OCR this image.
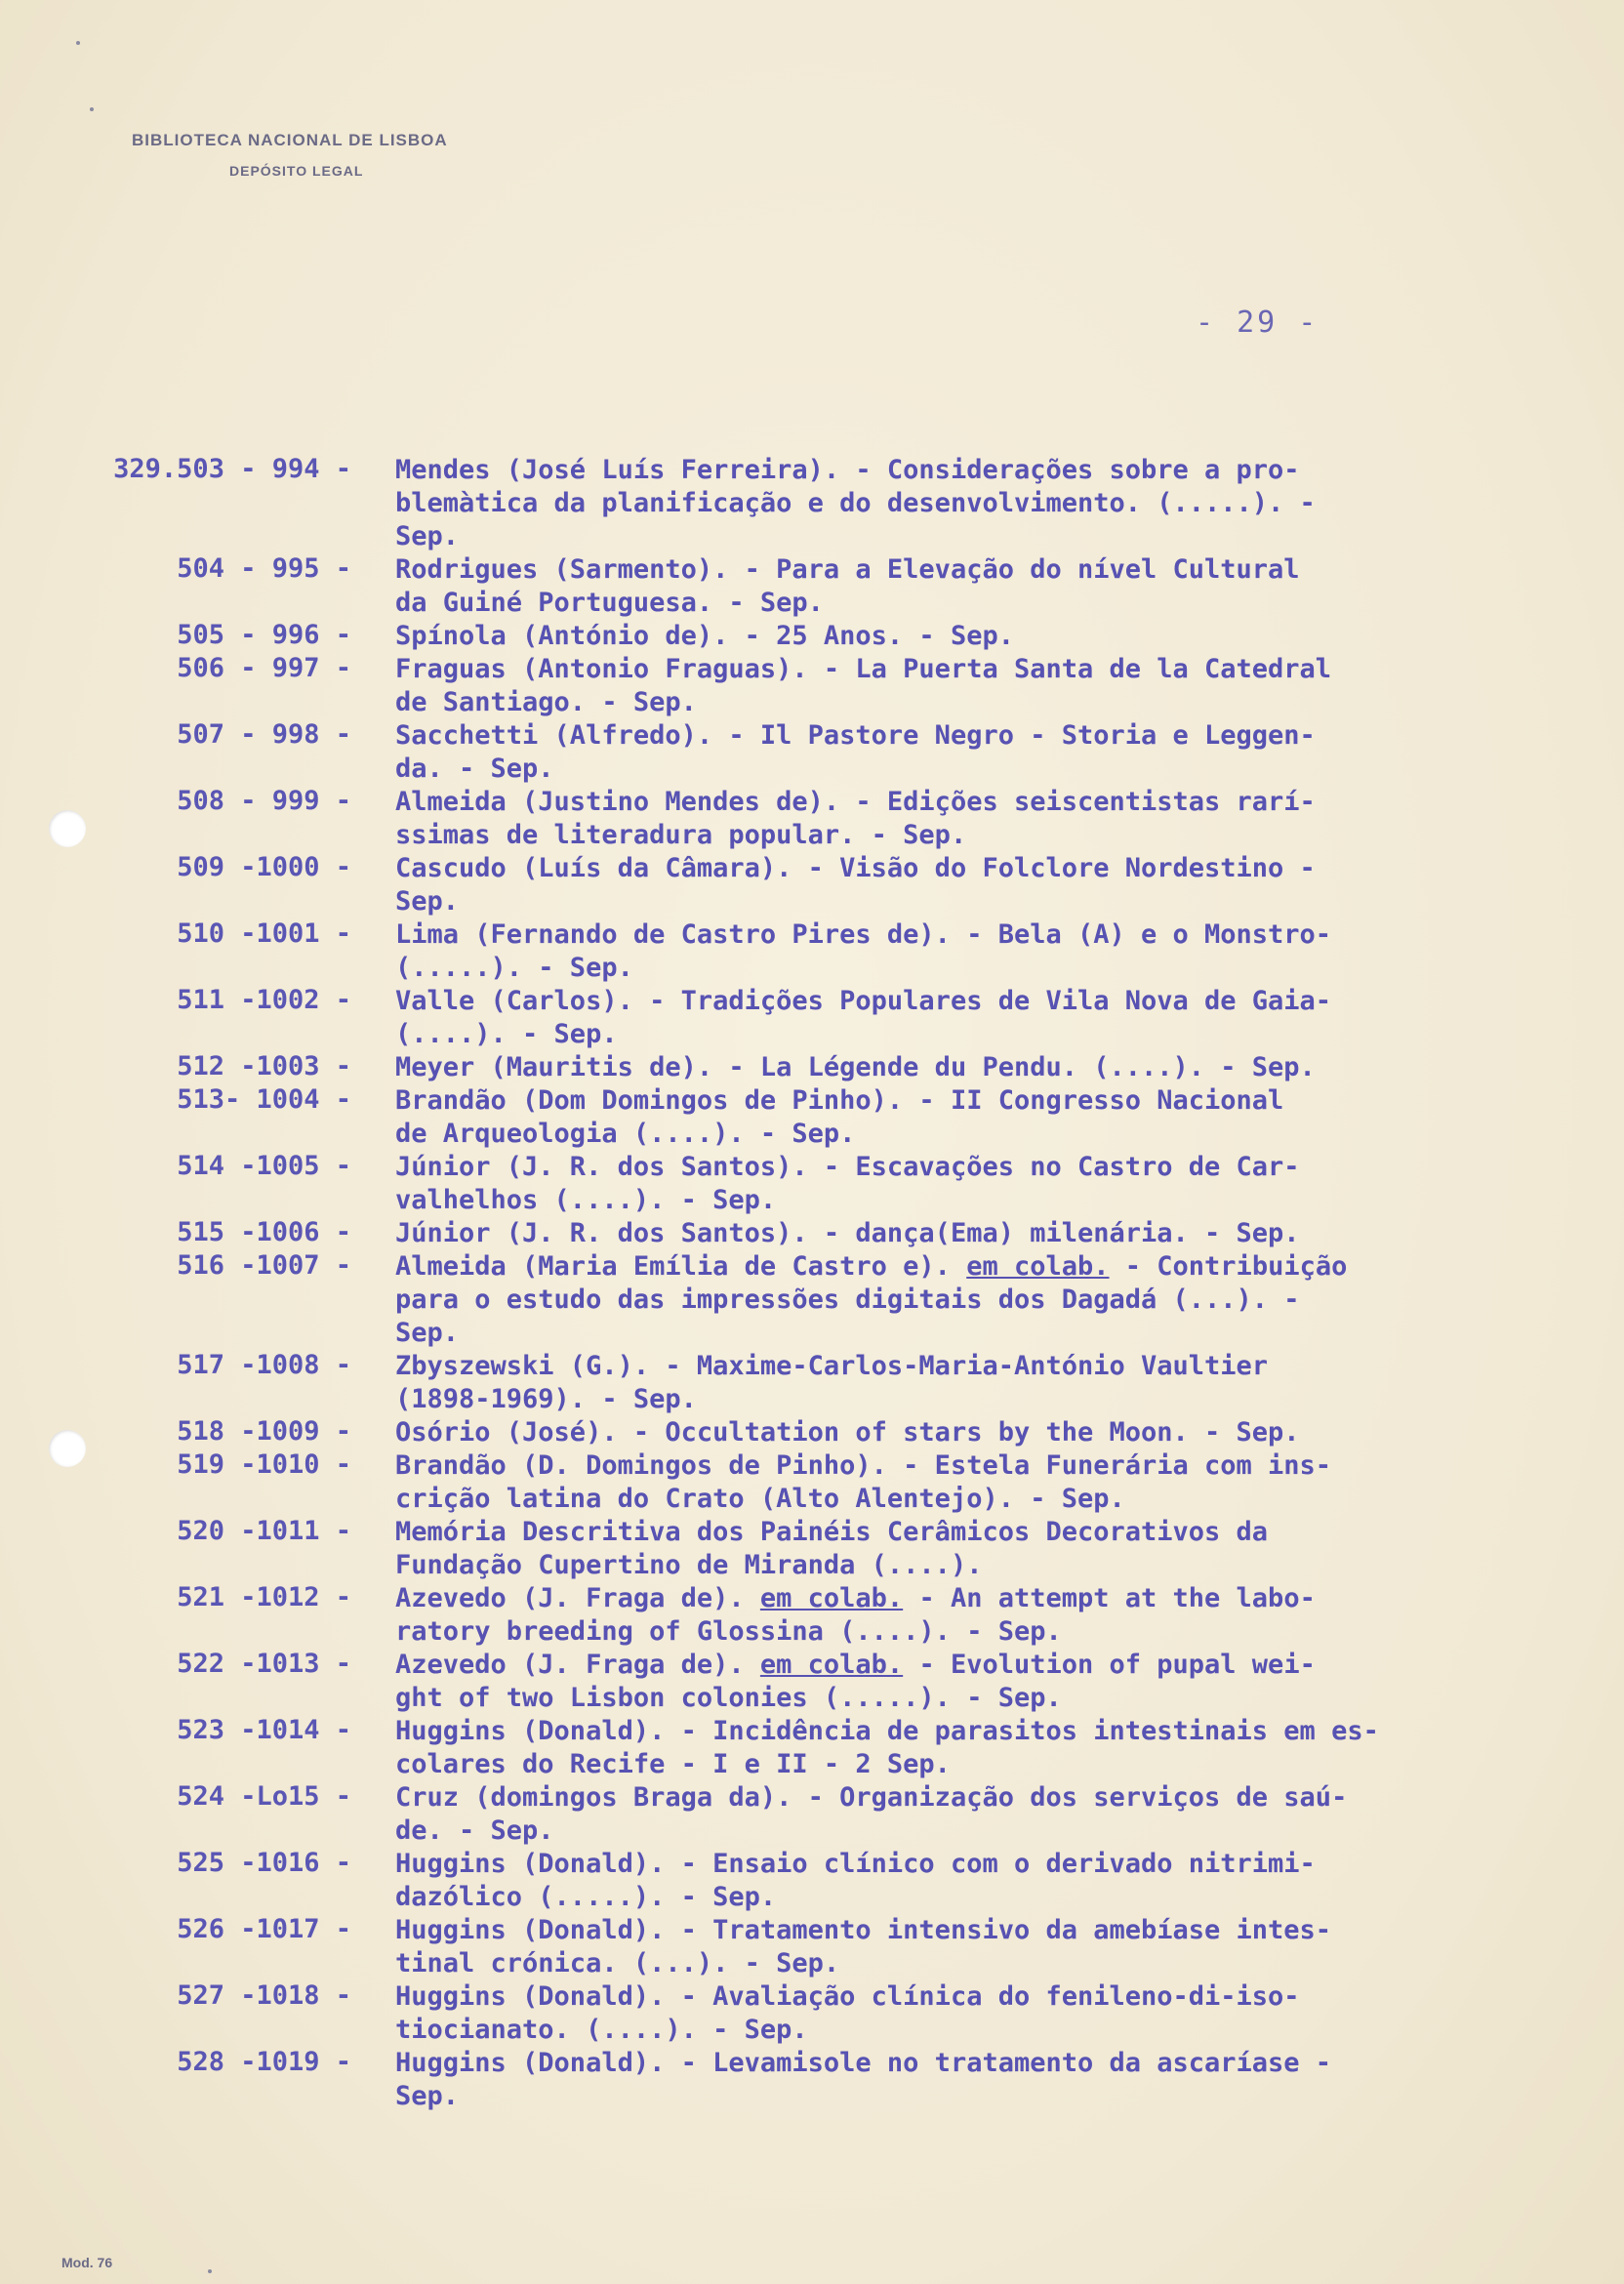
BIBLIOTECA NACIONAL DE LISBOA
DEPÓSITO LEGAL
- 29 -
329.503 - 994 - Mendes (José Luís Ferreira). - Considerações sobre a pro-
blemàtica da planificação e do desenvolvimento. (.....). -
Sep.
504 - 995 - Rodrigues (Sarmento). - Para a Elevação do nível Cultural
da Guiné Portuguesa. - Sep.
505 - 996 - Spínola (António de). - 25 Anos. - Sep.
506 - 997 - Fraguas (Antonio Fraguas). - La Puerta Santa de la Catedral
de Santiago. - Sep.
507 - 998 - Sacchetti (Alfredo). - Il Pastore Negro - Storia e Leggen-
da. - Sep.
508 - 999 - Almeida (Justino Mendes de). - Edições seiscentistas rarí-
ssimas de literadura popular. - Sep.
509 -1000 - Cascudo (Luís da Câmara). - Visão do Folclore Nordestino -
Sep.
510 -1001 - Lima (Fernando de Castro Pires de). - Bela (A) e o Monstro-
(.....). - Sep.
511 -1002 - Valle (Carlos). - Tradições Populares de Vila Nova de Gaia-
(....). - Sep.
512 -1003 - Meyer (Mauritis de). - La Légende du Pendu. (....). - Sep.
513- 1004 - Brandão (Dom Domingos de Pinho). - II Congresso Nacional
de Arqueologia (....). - Sep.
514 -1005 - Júnior (J. R. dos Santos). - Escavações no Castro de Car-
valhelhos (....). - Sep.
515 -1006 - Júnior (J. R. dos Santos). - dança(Ema) milenária. - Sep.
516 -1007 - Almeida (Maria Emília de Castro e). em colab. - Contribuição
para o estudo das impressões digitais dos Dagadá (...). -
Sep.
517 -1008 - Zbyszewski (G.). - Maxime-Carlos-Maria-António Vaultier
(1898-1969). - Sep.
518 -1009 - Osório (José). - Occultation of stars by the Moon. - Sep.
519 -1010 - Brandão (D. Domingos de Pinho). - Estela Funerária com ins-
crição latina do Crato (Alto Alentejo). - Sep.
520 -1011 - Memória Descritiva dos Painéis Cerâmicos Decorativos da
Fundação Cupertino de Miranda (....).
521 -1012 - Azevedo (J. Fraga de). em colab. - An attempt at the labo-
ratory breeding of Glossina (....). - Sep.
522 -1013 - Azevedo (J. Fraga de). em colab. - Evolution of pupal wei-
ght of two Lisbon colonies (.....). - Sep.
523 -1014 - Huggins (Donald). - Incidência de parasitos intestinais em es-
colares do Recife - I e II - 2 Sep.
524 -Lo15 - Cruz (domingos Braga da). - Organização dos serviços de saú-
de. - Sep.
525 -1016 - Huggins (Donald). - Ensaio clínico com o derivado nitrimi-
dazólico (.....). - Sep.
526 -1017 - Huggins (Donald). - Tratamento intensivo da amebíase intes-
tinal crónica. (...). - Sep.
527 -1018 - Huggins (Donald). - Avaliação clínica do fenileno-di-iso-
tiocianato. (....). - Sep.
528 -1019 - Huggins (Donald). - Levamisole no tratamento da ascaríase -
Sep.
Mod. 76
